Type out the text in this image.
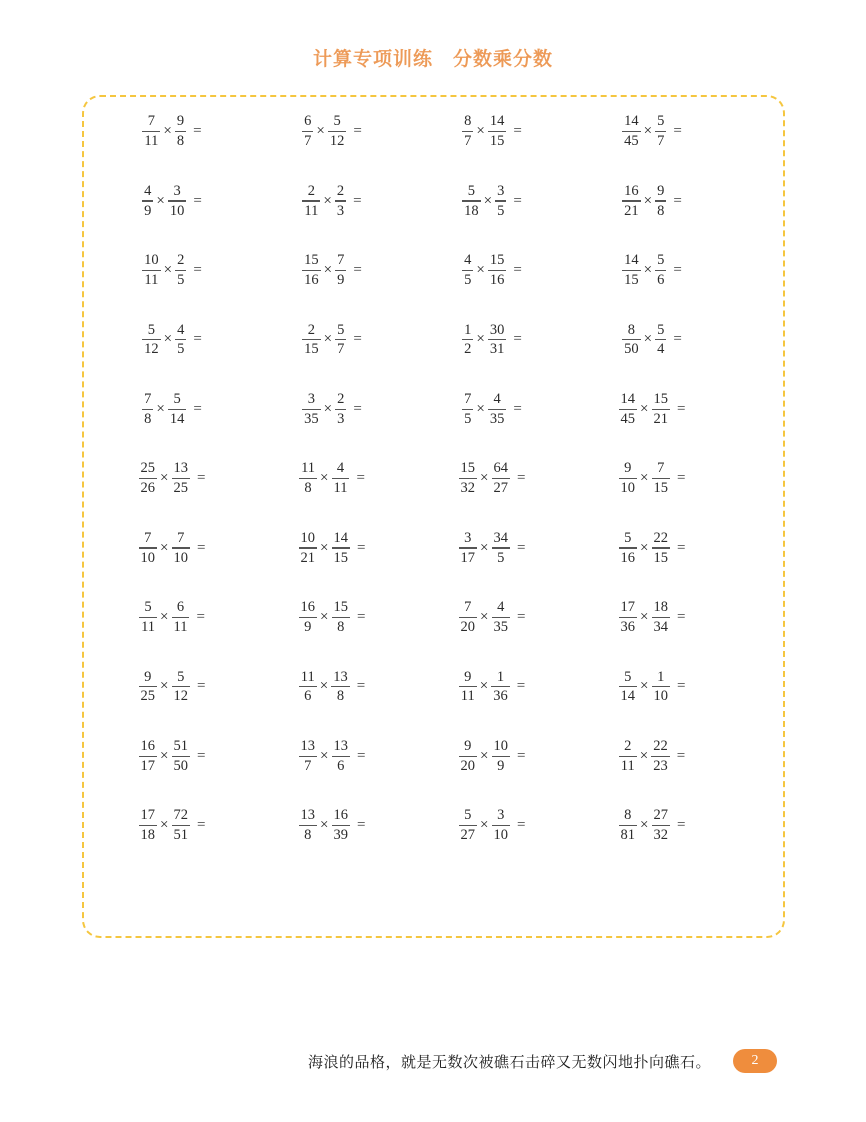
计算专项训练　分数乘分数
$\frac{7}{11} \times \frac{9}{8}$ =	$\frac{6}{7} \times \frac{5}{12}$ =	$\frac{8}{7} \times \frac{14}{15}$ =	$\frac{14}{45} \times \frac{5}{7}$ =
$\frac{4}{9} \times \frac{3}{10}$ =	$\frac{2}{11} \times \frac{2}{3}$ =	$\frac{5}{18} \times \frac{3}{5}$ =	$\frac{16}{21} \times \frac{9}{8}$ =
$\frac{10}{11} \times \frac{2}{5}$ =	$\frac{15}{16} \times \frac{7}{9}$ =	$\frac{4}{5} \times \frac{15}{16}$ =	$\frac{14}{15} \times \frac{5}{6}$ =
$\frac{5}{12} \times \frac{4}{5}$ =	$\frac{2}{15} \times \frac{5}{7}$ =	$\frac{1}{2} \times \frac{30}{31}$ =	$\frac{8}{50} \times \frac{5}{4}$ =
$\frac{7}{8} \times \frac{5}{14}$ =	$\frac{3}{35} \times \frac{2}{3}$ =	$\frac{7}{5} \times \frac{4}{35}$ =	$\frac{14}{45} \times \frac{15}{21}$ =
$\frac{25}{26} \times \frac{13}{25}$ =	$\frac{11}{8} \times \frac{4}{11}$ =	$\frac{15}{32} \times \frac{64}{27}$ =	$\frac{9}{10} \times \frac{7}{15}$ =
$\frac{7}{10} \times \frac{7}{10}$ =	$\frac{10}{21} \times \frac{14}{15}$ =	$\frac{3}{17} \times \frac{34}{5}$ =	$\frac{5}{16} \times \frac{22}{15}$ =
$\frac{5}{11} \times \frac{6}{11}$ =	$\frac{16}{9} \times \frac{15}{8}$ =	$\frac{7}{20} \times \frac{4}{35}$ =	$\frac{17}{36} \times \frac{18}{34}$ =
$\frac{9}{25} \times \frac{5}{12}$ =	$\frac{11}{6} \times \frac{13}{8}$ =	$\frac{9}{11} \times \frac{1}{36}$ =	$\frac{5}{14} \times \frac{1}{10}$ =
$\frac{16}{17} \times \frac{51}{50}$ =	$\frac{13}{7} \times \frac{13}{6}$ =	$\frac{9}{20} \times \frac{10}{9}$ =	$\frac{2}{11} \times \frac{22}{23}$ =
$\frac{17}{18} \times \frac{72}{51}$ =	$\frac{13}{8} \times \frac{16}{39}$ =	$\frac{5}{27} \times \frac{3}{10}$ =	$\frac{8}{81} \times \frac{27}{32}$ =
海浪的品格，就是无数次被礁石击碎又无数闪地扑向礁石。	2
